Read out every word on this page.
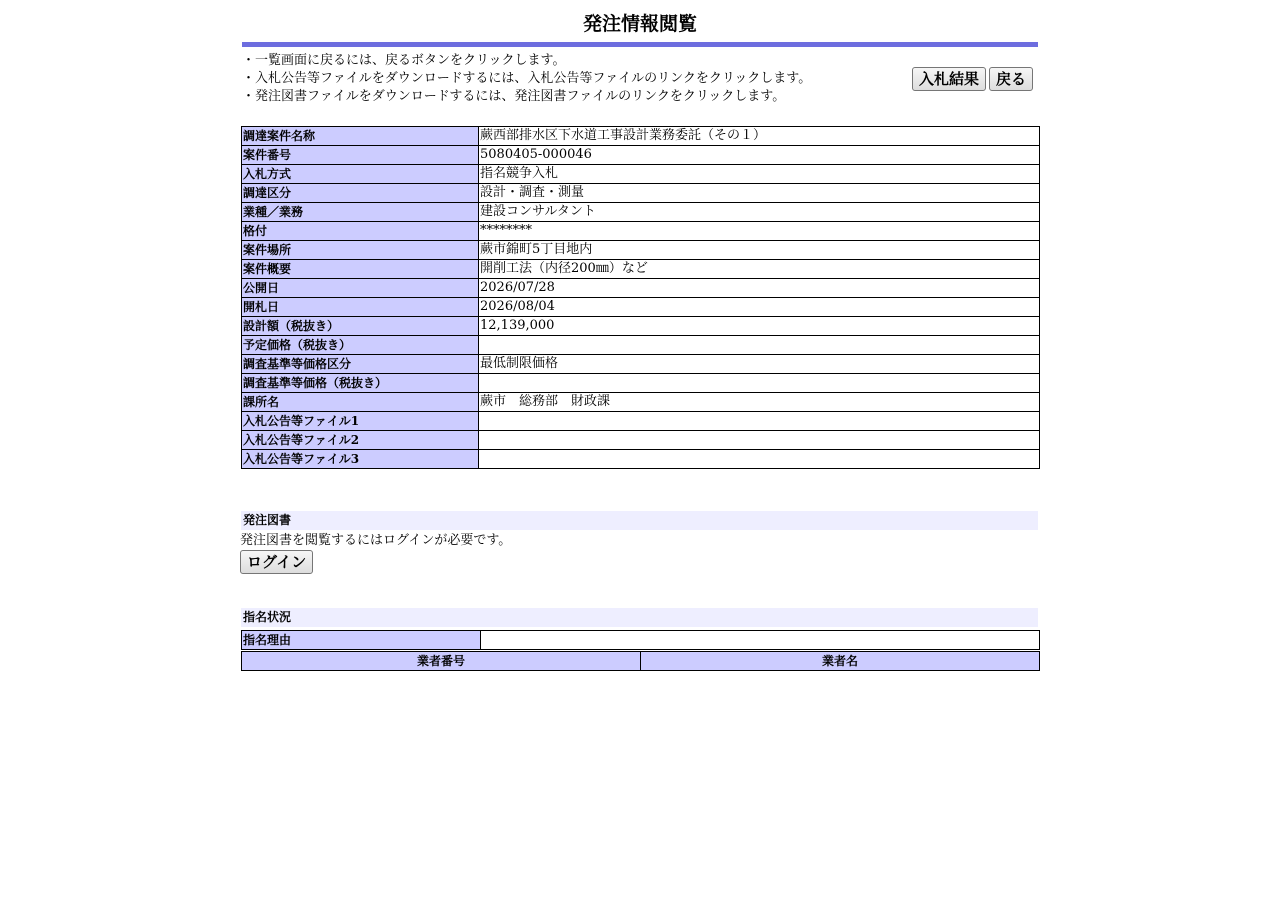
発注情報閲覧
・一覧画面に戻るには、戻るボタンをクリックします。
・入札公告等ファイルをダウンロードするには、入札公告等ファイルのリンクをクリックします。
・発注図書ファイルをダウンロードするには、発注図書ファイルのリンクをクリックします。
入札結果	戻る
調達案件名称	蕨西部排水区下水道工事設計業務委託（その１）
案件番号	5080405-000046
入札方式	指名競争入札
調達区分	設計・調査・測量
業種／業務	建設コンサルタント
格付	********
案件場所	蕨市錦町5丁目地内
案件概要	開削工法（内径200㎜）など
公開日	2026/07/28
開札日	2026/08/04
設計額（税抜き）	12,139,000
予定価格（税抜き）	
調査基準等価格区分	最低制限価格
調査基準等価格（税抜き）	
課所名	蕨市　総務部　財政課
入札公告等ファイル1	
入札公告等ファイル2	
入札公告等ファイル3	
発注図書
発注図書を閲覧するにはログインが必要です。
ログイン
指名状況
指名理由	
業者番号	業者名
